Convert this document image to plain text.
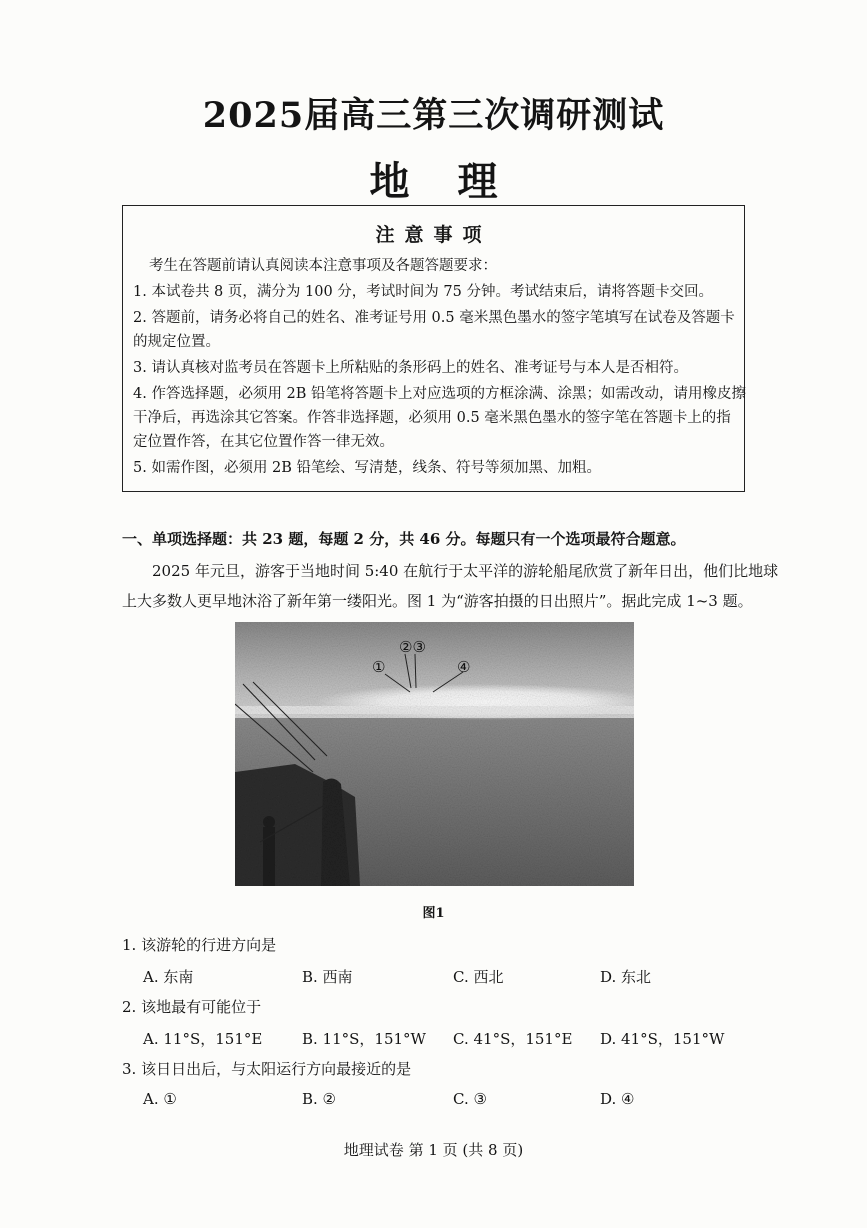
2025届高三第三次调研测试
地理
注意事项
考生在答题前请认真阅读本注意事项及各题答题要求：
1. 本试卷共 8 页，满分为 100 分，考试时间为 75 分钟。考试结束后，请将答题卡交回。
2. 答题前，请务必将自己的姓名、准考证号用 0.5 毫米黑色墨水的签字笔填写在试卷及答题卡
的规定位置。
3. 请认真核对监考员在答题卡上所粘贴的条形码上的姓名、准考证号与本人是否相符。
4. 作答选择题，必须用 2B 铅笔将答题卡上对应选项的方框涂满、涂黑；如需改动，请用橡皮擦
干净后，再选涂其它答案。作答非选择题，必须用 0.5 毫米黑色墨水的签字笔在答题卡上的指
定位置作答，在其它位置作答一律无效。
5. 如需作图，必须用 2B 铅笔绘、写清楚，线条、符号等须加黑、加粗。
一、单项选择题：共 23 题，每题 2 分，共 46 分。每题只有一个选项最符合题意。
2025 年元旦，游客于当地时间 5:40 在航行于太平洋的游轮船尾欣赏了新年日出，他们比地球
上大多数人更早地沐浴了新年第一缕阳光。图 1 为“游客拍摄的日出照片”。据此完成 1~3 题。
①
②③
④
图1
1. 该游轮的行进方向是
A. 东南	B. 西南	C. 西北	D. 东北
2. 该地最有可能位于
A. 11°S，151°E	B. 11°S，151°W C. 41°S，151°E D. 41°S，151°W
3. 该日日出后，与太阳运行方向最接近的是
A. ①	B. ②	C. ③	D. ④
地理试卷 第 1 页 (共 8 页)
